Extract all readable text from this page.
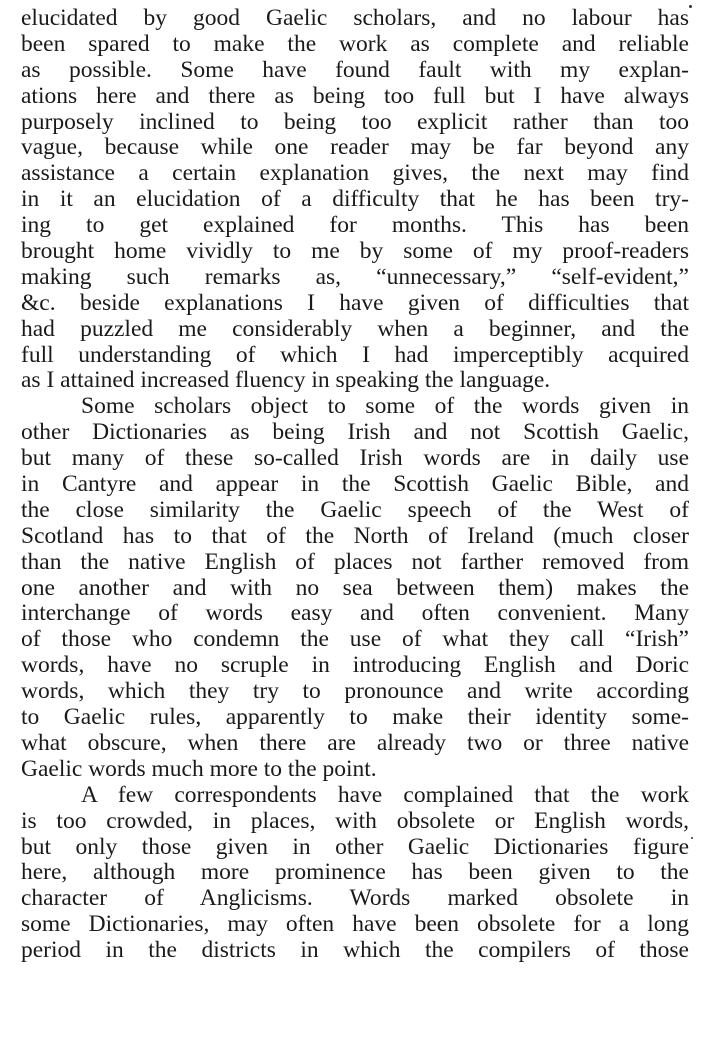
elucidated by good Gaelic scholars, and no labour has
been spared to make the work as complete and reliable
as possible. Some have found fault with my explan-
ations here and there as being too full but I have always
purposely inclined to being too explicit rather than too
vague, because while one reader may be far beyond any
assistance a certain explanation gives, the next may find
in it an elucidation of a difficulty that he has been try-
ing to get explained for months. This has been
brought home vividly to me by some of my proof-readers
making such remarks as, “unnecessary,” “self-evident,”
&c. beside explanations I have given of difficulties that
had puzzled me considerably when a beginner, and the
full understanding of which I had imperceptibly acquired
as I attained increased fluency in speaking the language.
Some scholars object to some of the words given in
other Dictionaries as being Irish and not Scottish Gaelic,
but many of these so-called Irish words are in daily use
in Cantyre and appear in the Scottish Gaelic Bible, and
the close similarity the Gaelic speech of the West of
Scotland has to that of the North of Ireland (much closer
than the native English of places not farther removed from
one another and with no sea between them) makes the
interchange of words easy and often convenient. Many
of those who condemn the use of what they call “Irish”
words, have no scruple in introducing English and Doric
words, which they try to pronounce and write according
to Gaelic rules, apparently to make their identity some-
what obscure, when there are already two or three native
Gaelic words much more to the point.
A few correspondents have complained that the work
is too crowded, in places, with obsolete or English words,
but only those given in other Gaelic Dictionaries figure
here, although more prominence has been given to the
character of Anglicisms. Words marked obsolete in
some Dictionaries, may often have been obsolete for a long
period in the districts in which the compilers of those
